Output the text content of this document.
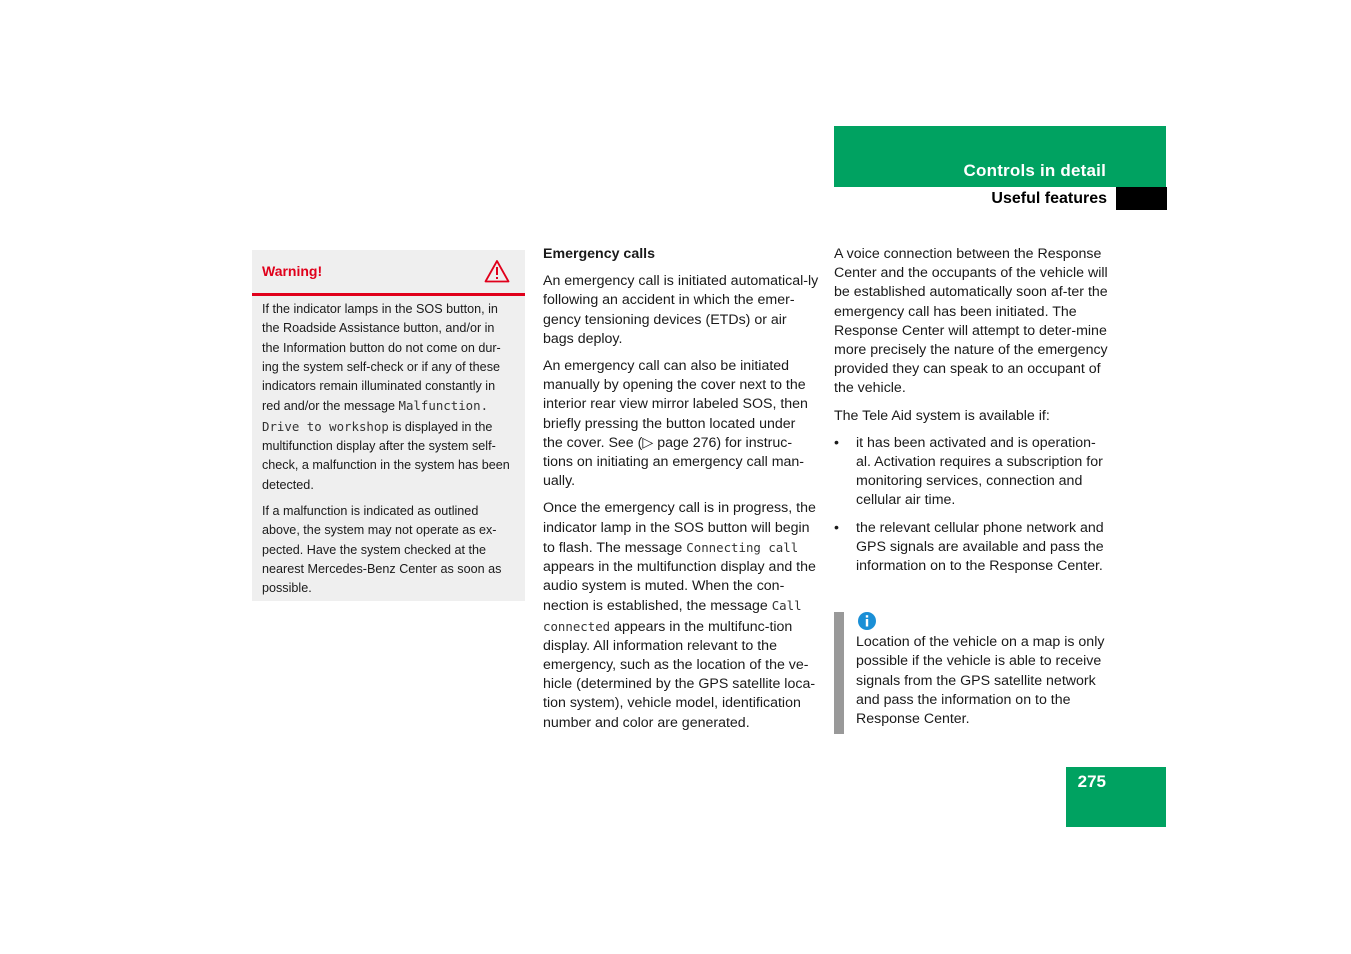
Controls in detail
Useful features
Warning!

If the indicator lamps in the SOS button, in the Roadside Assistance button, and/or in the Information button do not come on dur-ing the system self-check or if any of these indicators remain illuminated constantly in red and/or the message Malfunction. Drive to workshop is displayed in the multifunction display after the system self-check, a malfunction in the system has been detected.

If a malfunction is indicated as outlined above, the system may not operate as ex-pected. Have the system checked at the nearest Mercedes-Benz Center as soon as possible.

Emergency calls

An emergency call is initiated automatical-ly following an accident in which the emer-gency tensioning devices (ETDs) or air bags deploy.

An emergency call can also be initiated manually by opening the cover next to the interior rear view mirror labeled SOS, then briefly pressing the button located under the cover. See (▷ page 276) for instruc-tions on initiating an emergency call man-ually.

Once the emergency call is in progress, the indicator lamp in the SOS button will begin to flash. The message Connecting call appears in the multifunction display and the audio system is muted. When the con-nection is established, the message Call connected appears in the multifunc-tion display. All information relevant to the emergency, such as the location of the ve-hicle (determined by the GPS satellite loca-tion system), vehicle model, identification number and color are generated.

A voice connection between the Response Center and the occupants of the vehicle will be established automatically soon af-ter the emergency call has been initiated. The Response Center will attempt to deter-mine more precisely the nature of the emergency provided they can speak to an occupant of the vehicle.

The Tele Aid system is available if:

• it has been activated and is operation-al. Activation requires a subscription for monitoring services, connection and cellular air time.
• the relevant cellular phone network and GPS signals are available and pass the information on to the Response Center.
Location of the vehicle on a map is only possible if the vehicle is able to receive signals from the GPS satellite network and pass the information on to the Response Center.
275
